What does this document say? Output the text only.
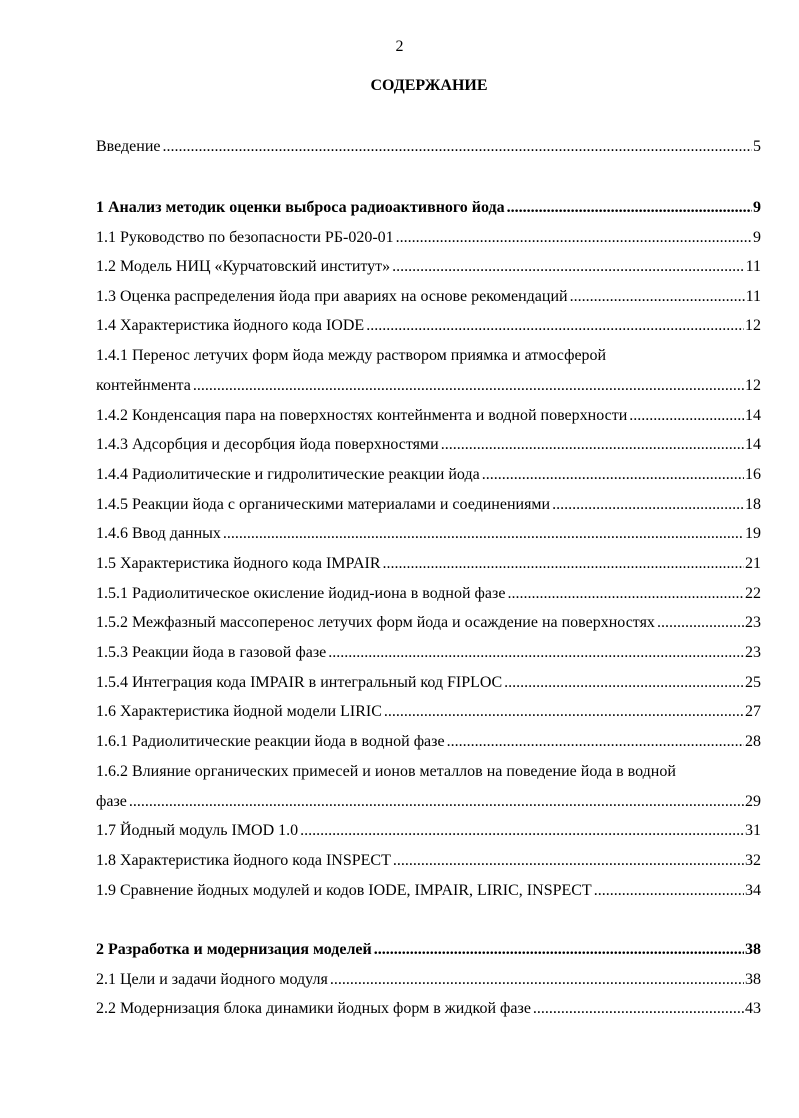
2
СОДЕРЖАНИЕ
Введение .....	5
1 Анализ методик оценки выброса радиоактивного йода .....	9
1.1 Руководство по безопасности РБ-020-01 .....	9
1.2 Модель НИЦ «Курчатовский институт» .....	11
1.3 Оценка распределения йода при авариях на основе рекомендаций .....	11
1.4 Характеристика йодного кода IODE .....	12
1.4.1 Перенос летучих форм йода между раствором приямка и атмосферой
контейнмента .....	12
1.4.2 Конденсация пара на поверхностях контейнмента и водной поверхности .....	14
1.4.3 Адсорбция и десорбция йода поверхностями .....	14
1.4.4 Радиолитические и гидролитические реакции йода .....	16
1.4.5 Реакции йода с органическими материалами и соединениями .....	18
1.4.6 Ввод данных .....	19
1.5 Характеристика йодного кода IMPAIR .....	21
1.5.1 Радиолитическое окисление йодид-иона в водной фазе .....	22
1.5.2 Межфазный массоперенос летучих форм йода и осаждение на поверхностях .....	23
1.5.3 Реакции йода в газовой фазе .....	23
1.5.4 Интеграция кода IMPAIR в интегральный код FIPLOC .....	25
1.6 Характеристика йодной модели LIRIC .....	27
1.6.1 Радиолитические реакции йода в водной фазе .....	28
1.6.2 Влияние органических примесей и ионов металлов на поведение йода в водной
фазе .....	29
1.7 Йодный модуль IMOD 1.0 .....	31
1.8 Характеристика йодного кода INSPECT .....	32
1.9 Сравнение йодных модулей и кодов IODE, IMPAIR, LIRIC, INSPECT .....	34
2 Разработка и модернизация моделей .....	38
2.1 Цели и задачи йодного модуля .....	38
2.2 Модернизация блока динамики йодных форм в жидкой фазе .....	43
